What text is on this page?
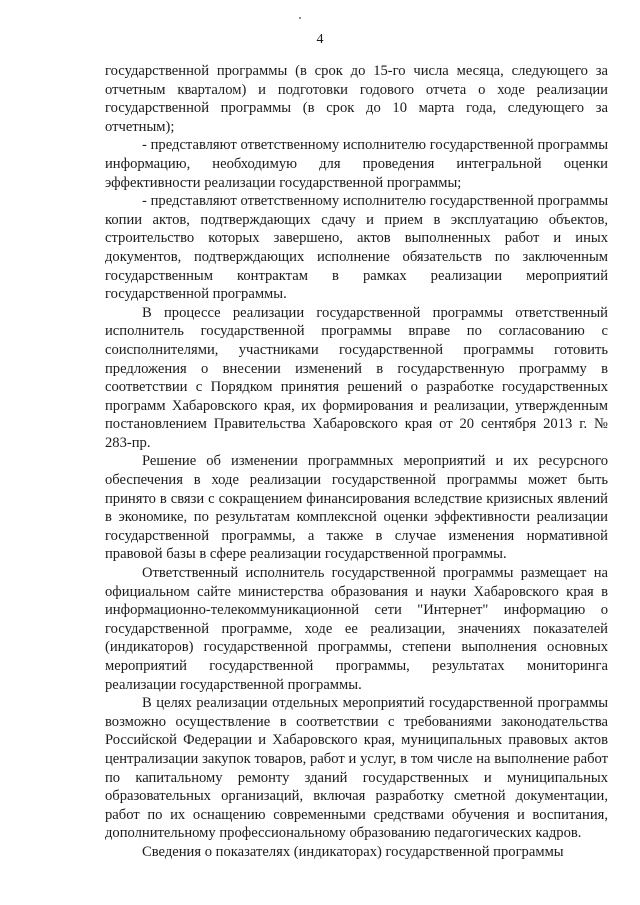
4

государственной программы (в срок до 15-го числа месяца, следующего за отчетным кварталом) и подготовки годового отчета о ходе реализации государственной программы (в срок до 10 марта года, следующего за отчетным);

- представляют ответственному исполнителю государственной программы информацию, необходимую для проведения интегральной оценки эффективности реализации государственной программы;

- представляют ответственному исполнителю государственной программы копии актов, подтверждающих сдачу и прием в эксплуатацию объектов, строительство которых завершено, актов выполненных работ и иных документов, подтверждающих исполнение обязательств по заключенным государственным контрактам в рамках реализации мероприятий государственной программы.

В процессе реализации государственной программы ответственный исполнитель государственной программы вправе по согласованию с соисполнителями, участниками государственной программы готовить предложения о внесении изменений в государственную программу в соответствии с Порядком принятия решений о разработке государственных программ Хабаровского края, их формирования и реализации, утвержденным постановлением Правительства Хабаровского края от 20 сентября 2013 г. № 283-пр.

Решение об изменении программных мероприятий и их ресурсного обеспечения в ходе реализации государственной программы может быть принято в связи с сокращением финансирования вследствие кризисных явлений в экономике, по результатам комплексной оценки эффективности реализации государственной программы, а также в случае изменения нормативной правовой базы в сфере реализации государственной программы.

Ответственный исполнитель государственной программы размещает на официальном сайте министерства образования и науки Хабаровского края в информационно-телекоммуникационной сети "Интернет" информацию о государственной программе, ходе ее реализации, значениях показателей (индикаторов) государственной программы, степени выполнения основных мероприятий государственной программы, результатах мониторинга реализации государственной программы.

В целях реализации отдельных мероприятий государственной программы возможно осуществление в соответствии с требованиями законодательства Российской Федерации и Хабаровского края, муниципальных правовых актов централизации закупок товаров, работ и услуг, в том числе на выполнение работ по капитальному ремонту зданий государственных и муниципальных образовательных организаций, включая разработку сметной документации, работ по их оснащению современными средствами обучения и воспитания, дополнительному профессиональному образованию педагогических кадров.

Сведения о показателях (индикаторах) государственной программы
